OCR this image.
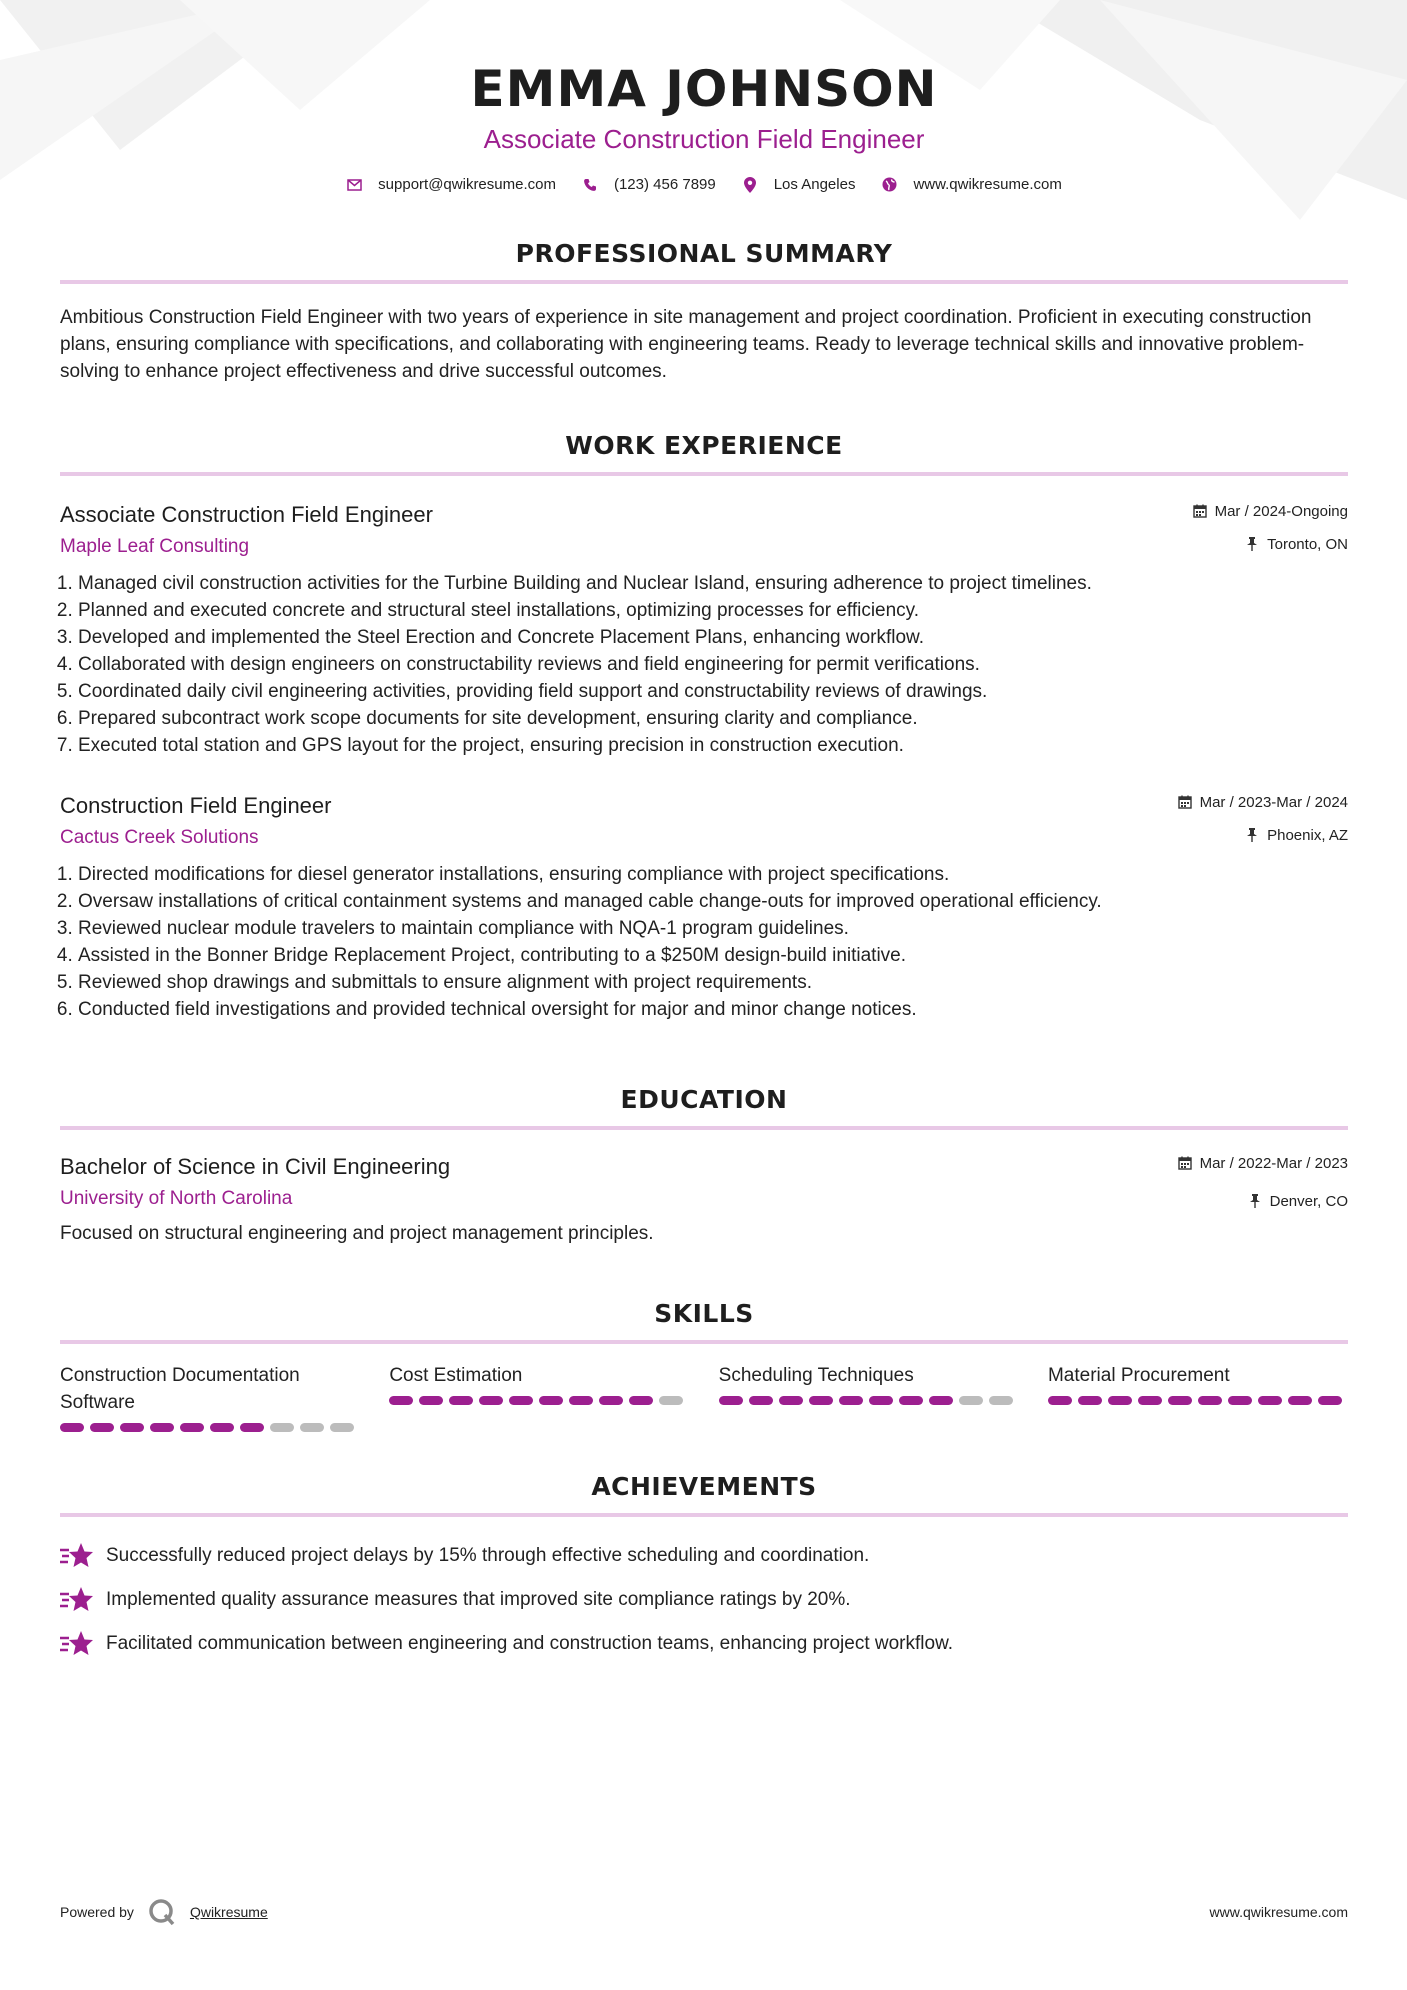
EMMA JOHNSON
Associate Construction Field Engineer
support@qwikresume.com	(123) 456 7899	Los Angeles	www.qwikresume.com
PROFESSIONAL SUMMARY
Ambitious Construction Field Engineer with two years of experience in site management and project coordination. Proficient in executing construction plans, ensuring compliance with specifications, and collaborating with engineering teams. Ready to leverage technical skills and innovative problem-solving to enhance project effectiveness and drive successful outcomes.
WORK EXPERIENCE
Associate Construction Field Engineer
Maple Leaf Consulting
Mar / 2024-Ongoing
Toronto, ON
1. Managed civil construction activities for the Turbine Building and Nuclear Island, ensuring adherence to project timelines.
2. Planned and executed concrete and structural steel installations, optimizing processes for efficiency.
3. Developed and implemented the Steel Erection and Concrete Placement Plans, enhancing workflow.
4. Collaborated with design engineers on constructability reviews and field engineering for permit verifications.
5. Coordinated daily civil engineering activities, providing field support and constructability reviews of drawings.
6. Prepared subcontract work scope documents for site development, ensuring clarity and compliance.
7. Executed total station and GPS layout for the project, ensuring precision in construction execution.
Construction Field Engineer
Cactus Creek Solutions
Mar / 2023-Mar / 2024
Phoenix, AZ
1. Directed modifications for diesel generator installations, ensuring compliance with project specifications.
2. Oversaw installations of critical containment systems and managed cable change-outs for improved operational efficiency.
3. Reviewed nuclear module travelers to maintain compliance with NQA-1 program guidelines.
4. Assisted in the Bonner Bridge Replacement Project, contributing to a $250M design-build initiative.
5. Reviewed shop drawings and submittals to ensure alignment with project requirements.
6. Conducted field investigations and provided technical oversight for major and minor change notices.
EDUCATION
Bachelor of Science in Civil Engineering
University of North Carolina
Mar / 2022-Mar / 2023
Denver, CO
Focused on structural engineering and project management principles.
SKILLS
Construction Documentation Software
Cost Estimation	Scheduling Techniques	Material Procurement
ACHIEVEMENTS
Successfully reduced project delays by 15% through effective scheduling and coordination.
Implemented quality assurance measures that improved site compliance ratings by 20%.
Facilitated communication between engineering and construction teams, enhancing project workflow.
Powered by	Qwikresume	www.qwikresume.com
